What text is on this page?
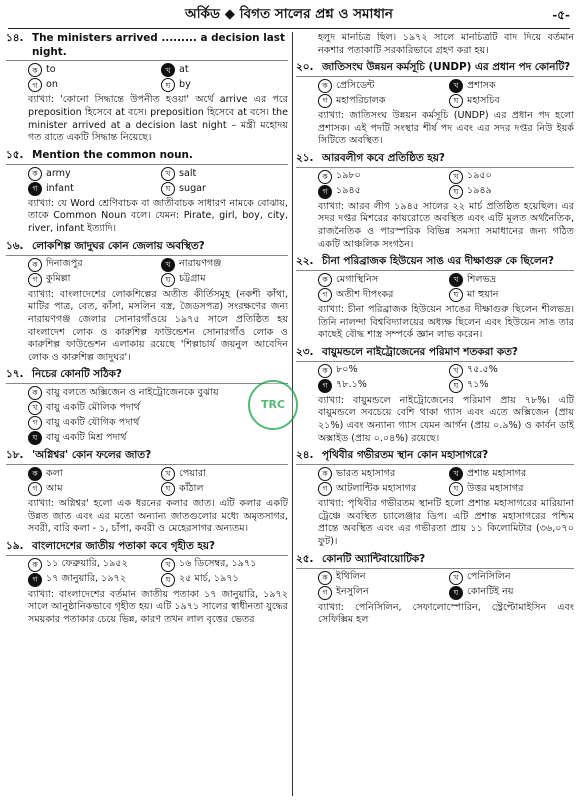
অর্কিড ◆ বিগত সালের প্রশ্ন ও সমাধান	-৫-
১৪. The ministers arrived ......... a decision last night.
ক to	খ at
গ on	ঘ by
ব্যাখ্যা: 'কোনো সিদ্ধান্তে উপনীত হওয়া' অর্থে arrive এর পরে preposition হিসেবে at বসে। preposition হিসেবে at বসে। the minister arrived at a decision last night – মন্ত্রী মহোদয় গত রাতে একটি সিদ্ধান্ত নিয়েছে।
১৫. Mention the common noun.
ক army	খ salt
গ infant	ঘ sugar
ব্যাখ্যা: যে Word শ্রেণিবাচক বা জাতীবাচক সাধারণ নামকে বোঝায়, তাকে Common Noun বলে। যেমন: Pirate, girl, boy, city, river, infant ইত্যাদি।
১৬. লোকশিল্প জাদুঘর কোন জেলায় অবস্থিত?
ক দিনাজপুর	খ নারায়ণগঞ্জ
গ কুমিল্লা	ঘ চট্টগ্রাম
ব্যাখ্যা: বাংলাদেশের লোকশিল্পের অতীত কীর্তিসমূহ (নকশী কাঁথা, মাটির পাত্র, বেত, কাঁসা, মসলিন বস্ত্র, জৈডসপত্র) সংরক্ষণের জন্য নারায়ণগঞ্জ জেলার সোনারগাঁওয়ে ১৯৭৫ সালে প্রতিষ্ঠিত হয় বাংলাদেশ লোক ও কারুশিল্প ফাউন্ডেশন সোনারগাঁও লোক ও কারুশিল্প ফাউন্ডেশন এলাকায় রয়েছে 'শিল্পাচার্য জয়নুল আবেদিন লোক ও কারুশিল্প জাদুঘর'।
১৭. নিচের কোনটি সঠিক?
ক বায়ু বলতে অক্সিজেন ও নাইট্রোজেনকে বুঝায়
খ বায়ু একটি মৌলিক পদার্থ
গ বায়ু একটি যৌগিক পদার্থ
ঘ বায়ু একটি মিশ্র পদার্থ
১৮. 'অগ্নিশ্বর' কোন ফলের জাত?
ক কলা	খ পেয়ারা
গ আম	ঘ কাঁঠাল
ব্যাখ্যা: অগ্নিশ্বর' হলো এক ধরনের কলার জাত। এটি কলার একটি উন্নত জাত এবং এর মতো অন্যান্য জাতগুলোর মধ্যে অমৃতসাগর, সবরী, বারি কলা - ১, চাঁপা, কবরী ও মেহেরসাগর অন্যতম।
১৯. বাংলাদেশের জাতীয় পতাকা কবে গৃহীত হয়?
ক ১১ ফেব্রুয়ারি, ১৯৫২	খ ১৬ ডিসেম্বর, ১৯৭১
গ ১৭ জানুয়ারি, ১৯৭২	ঘ ২৫ মার্চ, ১৯৭১
ব্যাখ্যা: বাংলাদেশের বর্তমান জাতীয় পতাকা ১৭ জানুয়ারি, ১৯৭২ সালে আনুষ্ঠানিকভাবে গৃহীত হয়। এটি ১৯৭১ সালের স্বাধীনতা যুদ্ধের সময়কার পতাকার চেয়ে ভিন্ন, কারণ তখন লাল বৃত্তের ভেতর
হলুদ মানচিত্র ছিল। ১৯৭২ সালে মানচিত্রটি বাদ দিয়ে বর্তমান নকশার পতাকাটি সরকারিভাবে গ্রহণ করা হয়।
২০. জাতিসংঘ উন্নয়ন কর্মসূচি (UNDP) এর প্রধান পদ কোনটি?
ক প্রেসিডেন্ট	খ প্রশাসক
গ মহাপরিচালক	ঘ মহাসচিব
ব্যাখ্যা: জাতিসংঘ উন্নয়ন কর্মসূচি (UNDP) এর প্রধান পদ হলো প্রশাসক। এই পদটি সংস্থার শীর্ষ পদ এবং এর সদর দপ্তর নিউ ইয়র্ক সিটিতে অবস্থিত।
২১. আরবলীগ কবে প্রতিষ্ঠিত হয়?
ক ১৯৮০	খ ১৯৫০
গ ১৯৪৫	ঘ ১৯৪৯
ব্যাখ্যা: আরব লীগ ১৯৪৫ সালের ২২ মার্চ প্রতিষ্ঠিত হয়েছিল। এর সদর দপ্তর মিশরের কায়রোতে অবস্থিত এবং এটি মূলত অর্থনৈতিক, রাজনৈতিক ও পারস্পরিক বিভিন্ন সমস্যা সমাধানের জন্য গঠিত একটি আঞ্চলিক সংগঠন।
২২. চীনা পরিব্রাজক হিউয়েন সাঙ এর দীক্ষাগুরু কে ছিলেন?
ক মেগাস্থিনিস	খ শিলভদ্র
গ অতীশ দীপংকর	ঘ মা হুয়ান
ব্যাখ্যা: চীনা পরিব্রাজক হিউয়েন সাঙের দীক্ষাগুরু ছিলেন শীলভদ্র। তিনি নালন্দা বিশ্ববিদ্যালয়ের অধ্যক্ষ ছিলেন এবং হিউয়েন সাঙ তার কাছেই বৌদ্ধ শাস্ত্র সম্পর্কে জ্ঞান লাভ করেন।
২৩. বায়ুমন্ডলে নাইট্রোজেনের পরিমাণ শতকরা কত?
ক ৮০%	খ ৭৫.৫%
গ ৭৮.১%	ঘ ৭১%
ব্যাখ্যা: বায়ুমন্ডলে নাইট্রোজেনের পরিমাণ প্রায় ৭৮%। এটি বায়ুমন্ডলে সবচেয়ে বেশি থাকা গ্যাস এবং এতে অক্সিজেন (প্রায় ২১%) এবং অন্যান্য গ্যাস যেমন আর্গন (প্রায় ০.৯%) ও কার্বন ডাই অক্সাইড (প্রায় ০.০৪%) রয়েছে।
২৪. পৃথিবীর গভীরতম স্থান কোন মহাসাগরে?
ক ভারত মহাসাগর	খ প্রশান্ত মহাসাগর
গ আটলান্টিক মহাসাগর	ঘ উত্তর মহাসাগর
ব্যাখ্যা: পৃথিবীর গভীরতম স্থানটি হলো প্রশান্ত মহাসাগরের মারিয়ানা ট্রেঞ্চে অবস্থিত চ্যালেঞ্জার ডিপ। এটি প্রশান্ত মহাসাগরের পশ্চিম প্রান্তে অবস্থিত এবং এর গভীরতা প্রায় ১১ কিলোমিটার (৩৬,০৭০ ফুট)।
২৫. কোনটি অ্যান্টিবায়োটিক?
ক ইথিলিন	খ পেনিসিলিন
গ ইনসুলিন	ঘ কোনটিই নয়
ব্যাখ্যা: পেনিসিলিন, সেফালোস্পোরিন, স্ট্রেপ্টোমাইসিন এবং সেফিক্সিম হল
TRC
